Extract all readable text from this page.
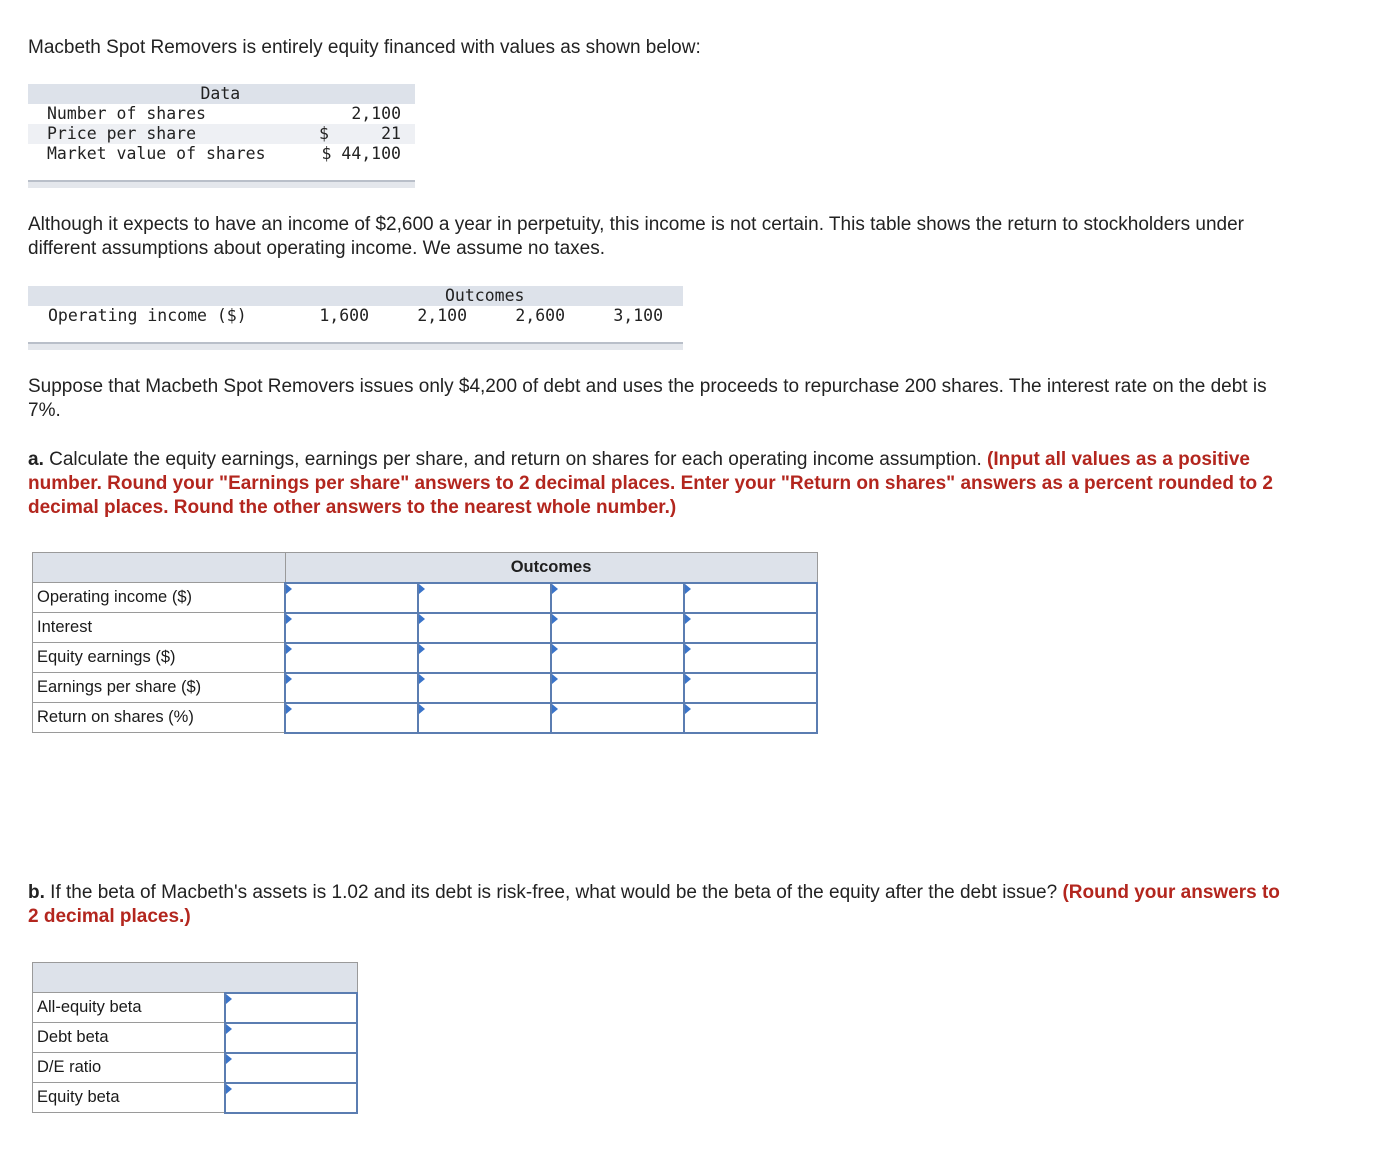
Macbeth Spot Removers is entirely equity financed with values as shown below:
Data
Number of shares	2,100
Price per share	$	21
Market value of shares	$ 44,100
Although it expects to have an income of $2,600 a year in perpetuity, this income is not certain. This table shows the return to stockholders under different assumptions about operating income. We assume no taxes.
Outcomes
Operating income ($)	1,600	2,100	2,600	3,100
Suppose that Macbeth Spot Removers issues only $4,200 of debt and uses the proceeds to repurchase 200 shares. The interest rate on the debt is 7%.
a. Calculate the equity earnings, earnings per share, and return on shares for each operating income assumption. (Input all values as a positive number. Round your "Earnings per share" answers to 2 decimal places. Enter your "Return on shares" answers as a percent rounded to 2 decimal places. Round the other answers to the nearest whole number.)
	Outcomes			
Operating income ($)	

Interest	

Equity earnings ($)	

Earnings per share ($)	

Return on shares (%)	

b. If the beta of Macbeth's assets is 1.02 and its debt is risk-free, what would be the beta of the equity after the debt issue? (Round your answers to 2 decimal places.)

All-equity beta	

Debt beta	

D/E ratio	

Equity beta	
